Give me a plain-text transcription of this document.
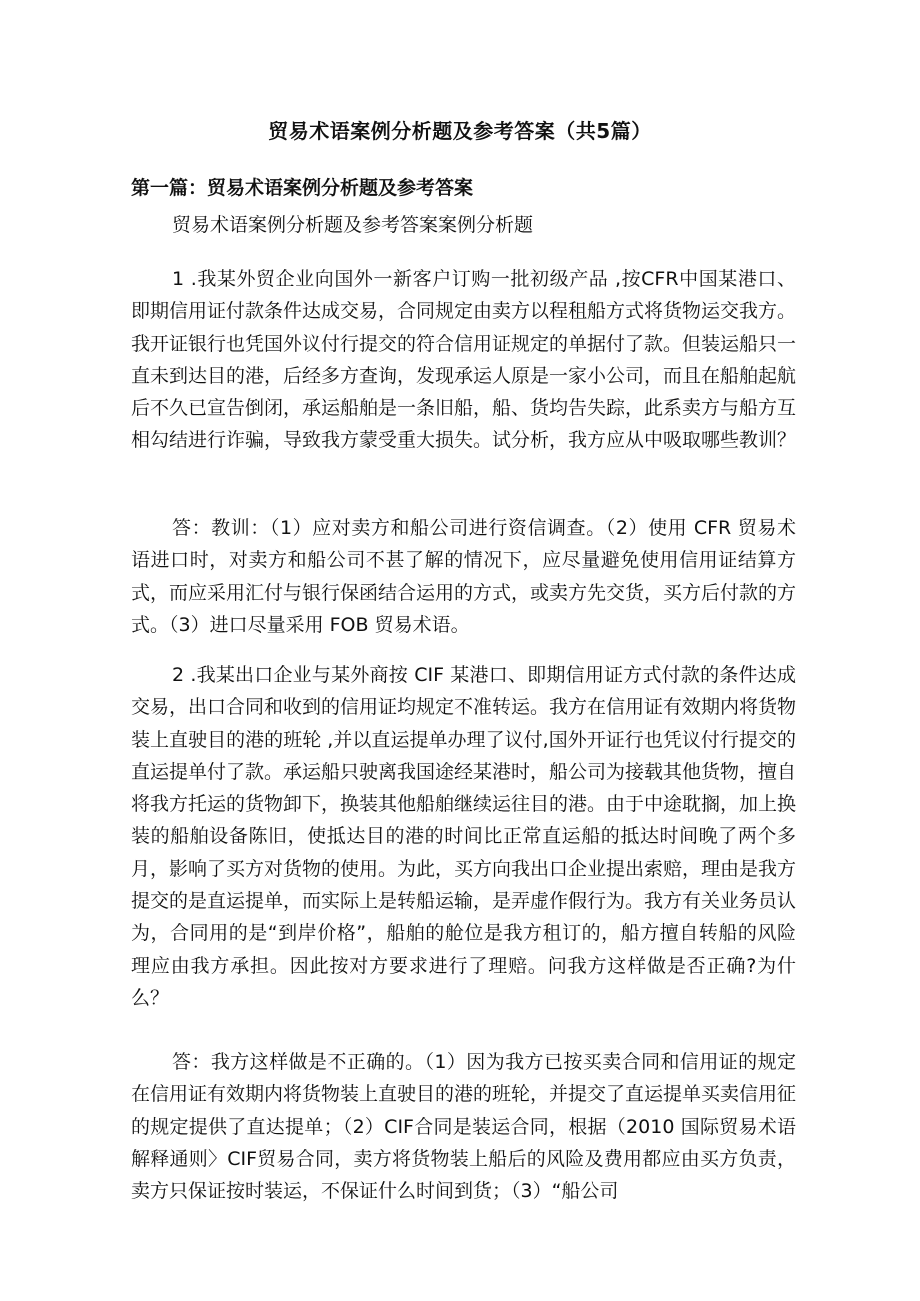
贸易术语案例分析题及参考答案（共5篇）
第一篇：贸易术语案例分析题及参考答案
贸易术语案例分析题及参考答案案例分析题

1 .我某外贸企业向国外一新客户订购一批初级产品 ,按CFR中国某港口、即期信用证付款条件达成交易，合同规定由卖方以程租船方式将货物运交我方。我开证银行也凭国外议付行提交的符合信用证规定的单据付了款。但装运船只一直未到达目的港，后经多方查询，发现承运人原是一家小公司，而且在船舶起航后不久已宣告倒闭，承运船舶是一条旧船，船、货均告失踪，此系卖方与船方互相勾结进行诈骗，导致我方蒙受重大损失。试分析，我方应从中吸取哪些教训？

答：教训：（1）应对卖方和船公司进行资信调查。（2）使用 CFR 贸易术语进口时，对卖方和船公司不甚了解的情况下，应尽量避免使用信用证结算方式，而应采用汇付与银行保函结合运用的方式，或卖方先交货，买方后付款的方式。（3）进口尽量采用 FOB 贸易术语。

2 .我某出口企业与某外商按 CIF 某港口、即期信用证方式付款的条件达成交易，出口合同和收到的信用证均规定不准转运。我方在信用证有效期内将货物装上直驶目的港的班轮 ,并以直运提单办理了议付,国外开证行也凭议付行提交的直运提单付了款。承运船只驶离我国途经某港时，船公司为接载其他货物，擅自将我方托运的货物卸下，换装其他船舶继续运往目的港。由于中途耽搁，加上换装的船舶设备陈旧，使抵达目的港的时间比正常直运船的抵达时间晚了两个多月，影响了买方对货物的使用。为此，买方向我出口企业提出索赔，理由是我方提交的是直运提单，而实际上是转船运输，是弄虚作假行为。我方有关业务员认为，合同用的是“到岸价格”，船舶的舱位是我方租订的，船方擅自转船的风险理应由我方承担。因此按对方要求进行了理赔。问我方这样做是否正确?为什么？

答：我方这样做是不正确的。（1）因为我方已按买卖合同和信用证的规定在信用证有效期内将货物装上直驶目的港的班轮，并提交了直运提单买卖信用征的规定提供了直达提单；（2）CIF合同是装运合同，根据（2010 国际贸易术语解释通则〉CIF贸易合同，卖方将货物装上船后的风险及费用都应由买方负责，卖方只保证按时装运，不保证什么时间到货；（3）“船公司
